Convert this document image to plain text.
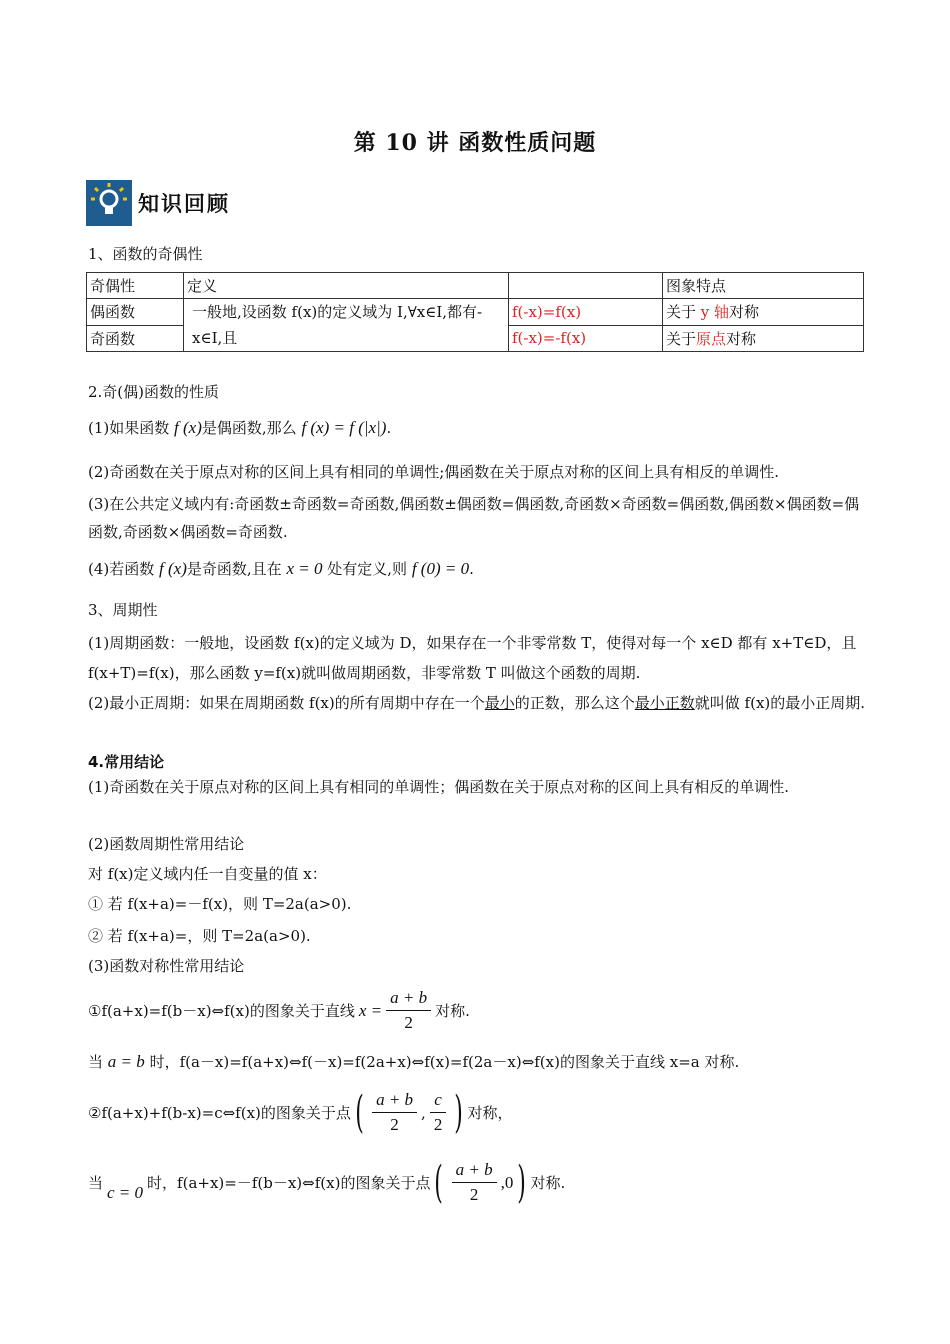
第 10 讲 函数性质问题
知识回顾
1、函数的奇偶性
奇偶性	定义		图象特点
偶函数	一般地,设函数 f(x)的定义域为 I,∀x∈I,都有-x∈I,且	f(-x)=f(x)	关于 y 轴对称
奇函数		f(-x)=-f(x)	关于原点对称
2.奇(偶)函数的性质
(1)如果函数 f (x)是偶函数,那么 f (x) = f (|x|).
(2)奇函数在关于原点对称的区间上具有相同的单调性;偶函数在关于原点对称的区间上具有相反的单调性.
(3)在公共定义域内有:奇函数±奇函数=奇函数,偶函数±偶函数=偶函数,奇函数×奇函数=偶函数,偶函数×偶函数=偶函数,奇函数×偶函数=奇函数.
(4)若函数 f (x)是奇函数,且在 x = 0 处有定义,则 f (0) = 0.
3、周期性
(1)周期函数：一般地，设函数 f(x)的定义域为 D，如果存在一个非零常数 T，使得对每一个 x∈D 都有 x+T∈D，且 f(x+T)=f(x)，那么函数 y=f(x)就叫做周期函数，非零常数 T 叫做这个函数的周期.
(2)最小正周期：如果在周期函数 f(x)的所有周期中存在一个最小的正数，那么这个最小正数就叫做 f(x)的最小正周期.
4.常用结论
(1)奇函数在关于原点对称的区间上具有相同的单调性；偶函数在关于原点对称的区间上具有相反的单调性.
(2)函数周期性常用结论
对 f(x)定义域内任一自变量的值 x：
① 若 f(x+a)=－f(x)，则 T=2a(a>0).
② 若 f(x+a)=，则 T=2a(a>0).
(3)函数对称性常用结论
①f(a+x)=f(b－x)⇔f(x)的图象关于直线 $x = \frac{a + b}{2}$ 对称.
当 a = b 时，f(a－x)=f(a+x)⇔f(－x)=f(2a+x)⇔f(x)=f(2a－x)⇔f(x)的图象关于直线 x=a 对称.
②f(a+x)+f(b-x)=c⇔f(x)的图象关于点 ( $\frac{a + b}{2}$ , $\frac{c}{2}$ ) 对称，
当 c = 0 时，f(a+x)=－f(b－x)⇔f(x)的图象关于点 ( $\frac{a + b}{2} ,0$ ) 对称.
